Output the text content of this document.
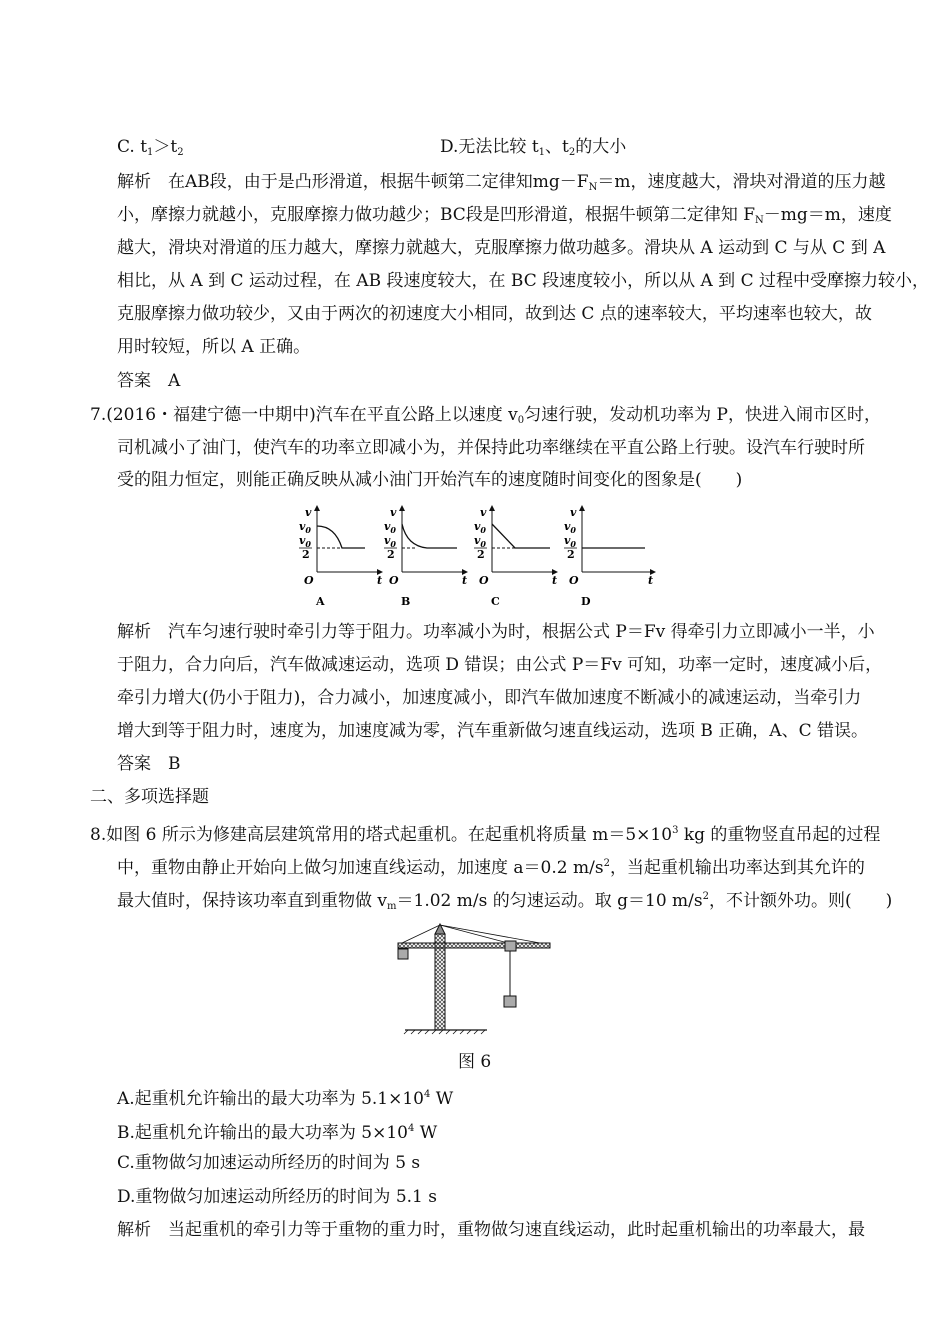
C. $t_1>t_2$	D.无法比较 $t_1$、$t_2$的大小
解析　在AB段，由于是凸形滑道，根据牛顿第二定律知$mg-F_N=m$，速度越大，滑块对滑道的压力越
小，摩擦力就越小，克服摩擦力做功越少；BC段是凹形滑道，根据牛顿第二定律知 $F_N-mg=m$，速度
越大，滑块对滑道的压力越大，摩擦力就越大，克服摩擦力做功越多。滑块从 A 运动到 C 与从 C 到 A
相比，从 A 到 C 运动过程，在 AB 段速度较大，在 BC 段速度较小，所以从 A 到 C 过程中受摩擦力较小，
克服摩擦力做功较少，又由于两次的初速度大小相同，故到达 C 点的速率较大，平均速率也较大，故
用时较短，所以 A 正确。
答案　A
7.(2016・福建宁德一中期中)汽车在平直公路上以速度 $v_0$匀速行驶，发动机功率为 P，快进入闹市区时，
司机减小了油门，使汽车的功率立即减小为，并保持此功率继续在平直公路上行驶。设汽车行驶时所
受的阻力恒定，则能正确反映从减小油门开始汽车的速度随时间变化的图象是(　　)
v
$v_0$
$v_0$
2
O	t
A
v
$v_0$
$v_0$
2
O	t
B
v
$v_0$
$v_0$
2
O	t
C
v
$v_0$
$v_0$
2
O	t
D
解析　汽车匀速行驶时牵引力等于阻力。功率减小为时，根据公式 P＝Fv 得牵引力立即减小一半，小
于阻力，合力向后，汽车做减速运动，选项 D 错误；由公式 P＝Fv 可知，功率一定时，速度减小后，
牵引力增大(仍小于阻力)，合力减小，加速度减小，即汽车做加速度不断减小的减速运动，当牵引力
增大到等于阻力时，速度为，加速度减为零，汽车重新做匀速直线运动，选项 B 正确，A、C 错误。
答案　B
二、多项选择题
8.如图 6 所示为修建高层建筑常用的塔式起重机。在起重机将质量 $m=5\times 10^3$ kg 的重物竖直吊起的过程
中，重物由静止开始向上做匀加速直线运动，加速度 a＝0.2 $m/s^2$，当起重机输出功率达到其允许的
最大值时，保持该功率直到重物做 $v_m=1.02$ m/s 的匀速运动。取 g＝10 $m/s^2$，不计额外功。则(　　)
图 6
A.起重机允许输出的最大功率为 $5.1\times 10^4$ W
B.起重机允许输出的最大功率为 $5\times 10^4$ W
C.重物做匀加速运动所经历的时间为 5 s
D.重物做匀加速运动所经历的时间为 5.1 s
解析　当起重机的牵引力等于重物的重力时，重物做匀速直线运动，此时起重机输出的功率最大，最
